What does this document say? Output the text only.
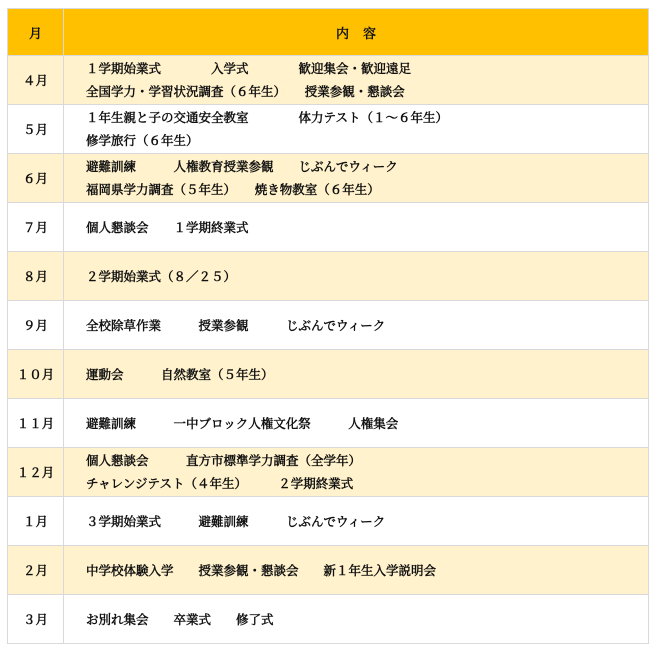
月	内容
４月	１学期始業式　　　　入学式　　　　歓迎集会・歓迎遠足
全国学力・学習状況調査（６年生）　　授業参観・懇談会

５月	１年生親と子の交通安全教室　　　　体力テスト（１～６年生）
修学旅行（６年生）

６月	避難訓練　　　人権教育授業参観　　じぶんでウィーク
福岡県学力調査（５年生）　　焼き物教室（６年生）

７月	個人懇談会　　１学期終業式

８月	２学期始業式（８／２５）

９月	全校除草作業　　　授業参観　　　じぶんでウィーク

１０月	運動会　　　自然教室（５年生）

１１月	避難訓練　　　一中ブロック人権文化祭　　　人権集会

１２月	個人懇談会　　　直方市標準学力調査（全学年）
チャレンジテスト（４年生）　　　２学期終業式

１月	３学期始業式　　　避難訓練　　　じぶんでウィーク

２月	中学校体験入学　　授業参観・懇談会　　新１年生入学説明会

３月	お別れ集会　　卒業式　　修了式
